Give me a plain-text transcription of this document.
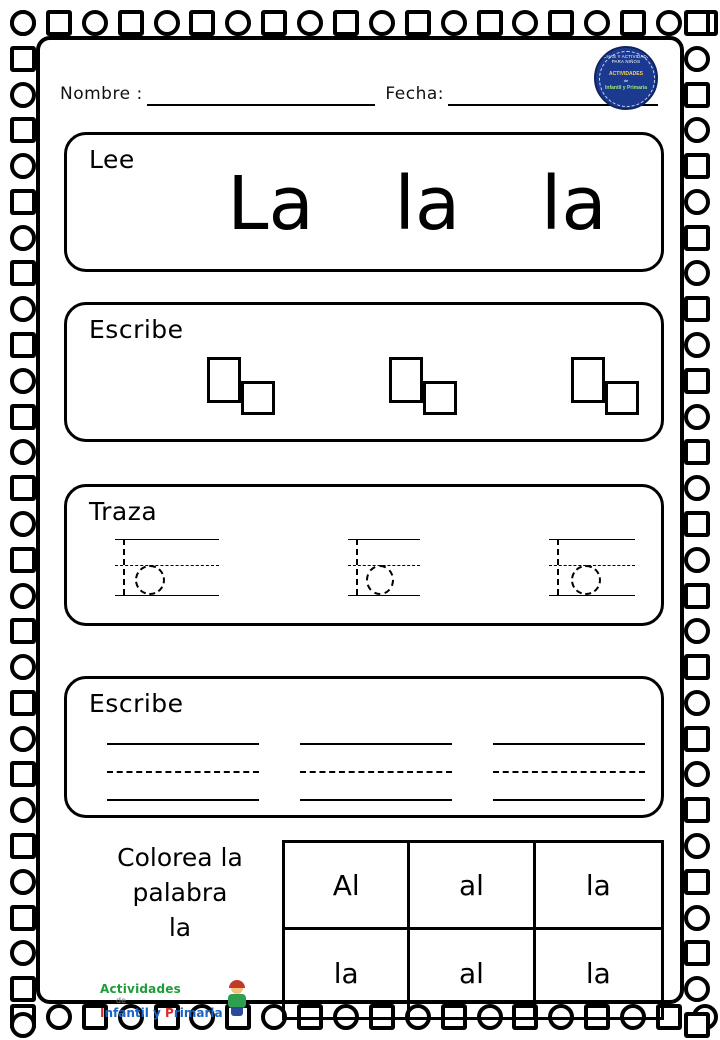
FICHAS Y ACTIVIDADES PARA NIÑOS
ACTIVIDADES
de
Infantil y Primaria
Nombre :	Fecha:
Lee
La la la
Escribe
Traza
Escribe
Colorea la
palabra
la
Al	al	la
la	al	la
Actividades
de
Infantil y Primaria
